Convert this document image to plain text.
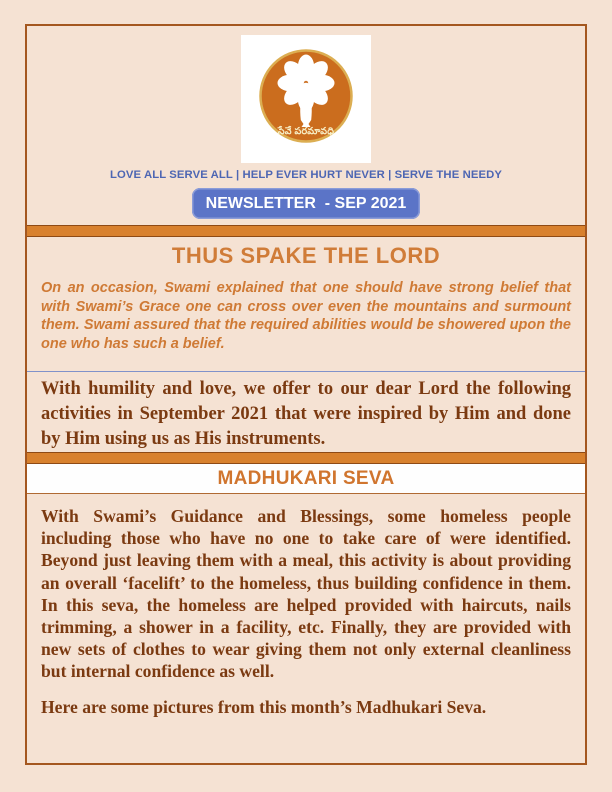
సేవే పరమావధి
LOVE ALL SERVE ALL | HELP EVER HURT NEVER | SERVE THE NEEDY
NEWSLETTER  - SEP 2021
THUS SPAKE THE LORD

On an occasion, Swami explained that one should have strong belief that with Swami’s Grace one can cross over even the mountains and surmount them. Swami assured that the required abilities would be showered upon the one who has such a belief.

With humility and love, we offer to our dear Lord the following activities in September 2021 that were inspired by Him and done by Him using us as His instruments.

MADHUKARI SEVA

With Swami’s Guidance and Blessings, some homeless people including those who have no one to take care of were identified. Beyond just leaving them with a meal, this activity is about providing an overall ‘facelift’ to the homeless, thus building confidence in them. In this seva, the homeless are helped provided with haircuts, nails trimming, a shower in a facility, etc. Finally, they are provided with new sets of clothes to wear giving them not only external cleanliness but internal confidence as well.

Here are some pictures from this month’s Madhukari Seva.
